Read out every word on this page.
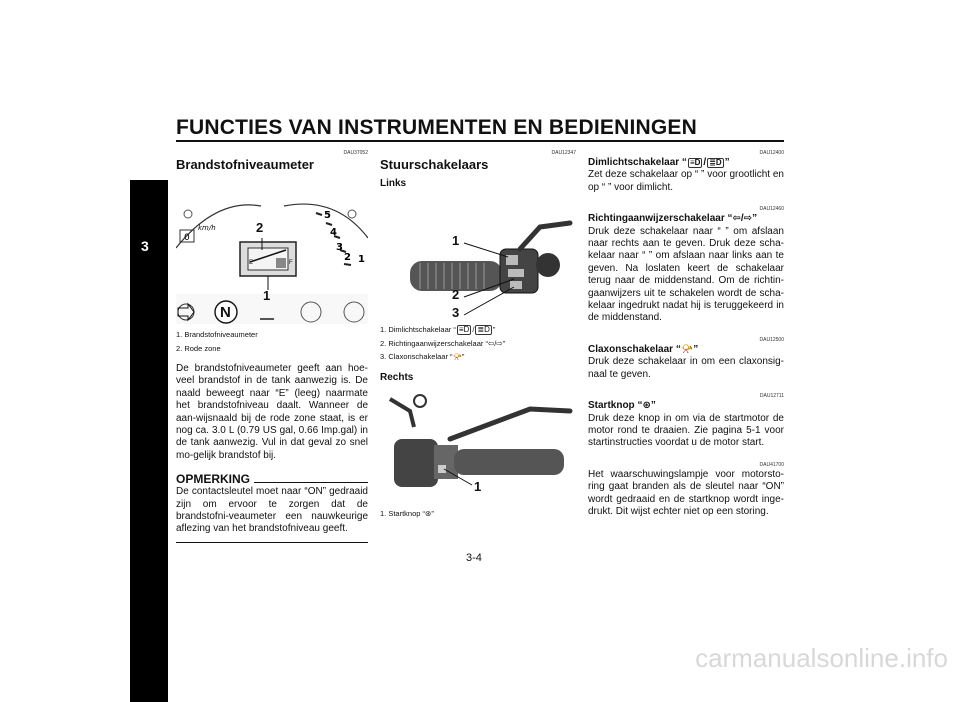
FUNCTIES VAN INSTRUMENTEN EN BEDIENINGEN
3
DAU37052
Brandstofniveaumeter
5
4
3
2 1
0
km/h	2
1
E	F
N

1. Brandstofniveaumeter

2. Rode zone

De brandstofniveaumeter geeft aan hoe-veel brandstof in de tank aanwezig is. De naald beweegt naar “E” (leeg) naarmate het brandstofniveau daalt. Wanneer de aan-wijsnaald bij de rode zone staat, is er nog ca. 3.0 L (0.79 US gal, 0.66 Imp.gal) in de tank aanwezig. Vul in dat geval zo snel mo-gelijk brandstof bij.

OPMERKING

De contactsleutel moet naar “ON” gedraaid zijn om ervoor te zorgen dat de brandstofni-veaumeter een nauwkeurige aflezing van het brandstofniveau geeft.

DAU12347
Stuurschakelaars
Links
1
2
3

1. Dimlichtschakelaar “ ≡D / ≣D ”

2. Richtingaanwijzerschakelaar “⇦/⇨”

3. Claxonschakelaar “📯”

Rechts
1

1. Startknop “⊛”

DAU12400

Dimlichtschakelaar “ ≡D / ≣D ”

Zet deze schakelaar op “ ” voor grootlicht en op “ ” voor dimlicht.

DAU12460

Richtingaanwijzerschakelaar “⇦/⇨”

Druk deze schakelaar naar “ ” om afslaan naar rechts aan te geven. Druk deze scha-kelaar naar “ ” om afslaan naar links aan te geven. Na loslaten keert de schakelaar terug naar de middenstand. Om de richtin-gaanwijzers uit te schakelen wordt de scha-kelaar ingedrukt nadat hij is teruggekeerd in de middenstand.

DAU12500

Claxonschakelaar “📯”

Druk deze schakelaar in om een claxonsig-naal te geven.

DAU12711

Startknop “⊛”

Druk deze knop in om via de startmotor de motor rond te draaien. Zie pagina 5-1 voor startinstructies voordat u de motor start.

DAU41700

Het waarschuwingslampje voor motorsto-ring gaat branden als de sleutel naar “ON” wordt gedraaid en de startknop wordt inge-drukt. Dit wijst echter niet op een storing.

3-4
carmanualsonline.info
